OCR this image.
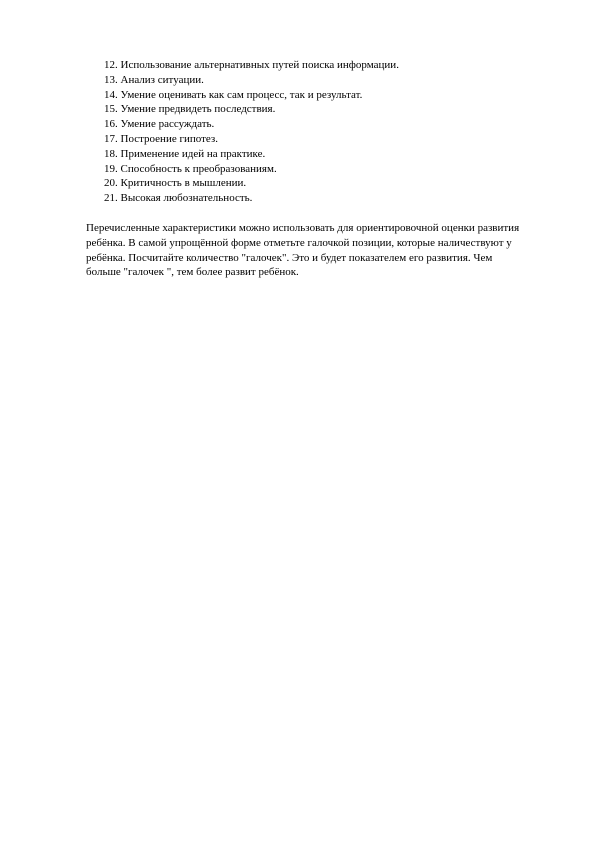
12. Использование альтернативных путей поиска информации.
13. Анализ ситуации.
14. Умение оценивать как сам процесс, так и результат.
15. Умение предвидеть последствия.
16. Умение рассуждать.
17. Построение гипотез.
18. Применение идей на практике.
19. Способность к преобразованиям.
20. Критичность в мышлении.
21. Высокая любознательность.

Перечисленные характеристики можно использовать для ориентировочной оценки развития
ребёнка. В самой упрощённой форме отметьте галочкой позиции, которые наличествуют у
ребёнка. Посчитайте количество "галочек". Это и будет показателем его развития. Чем
больше "галочек ", тем более развит ребёнок.
